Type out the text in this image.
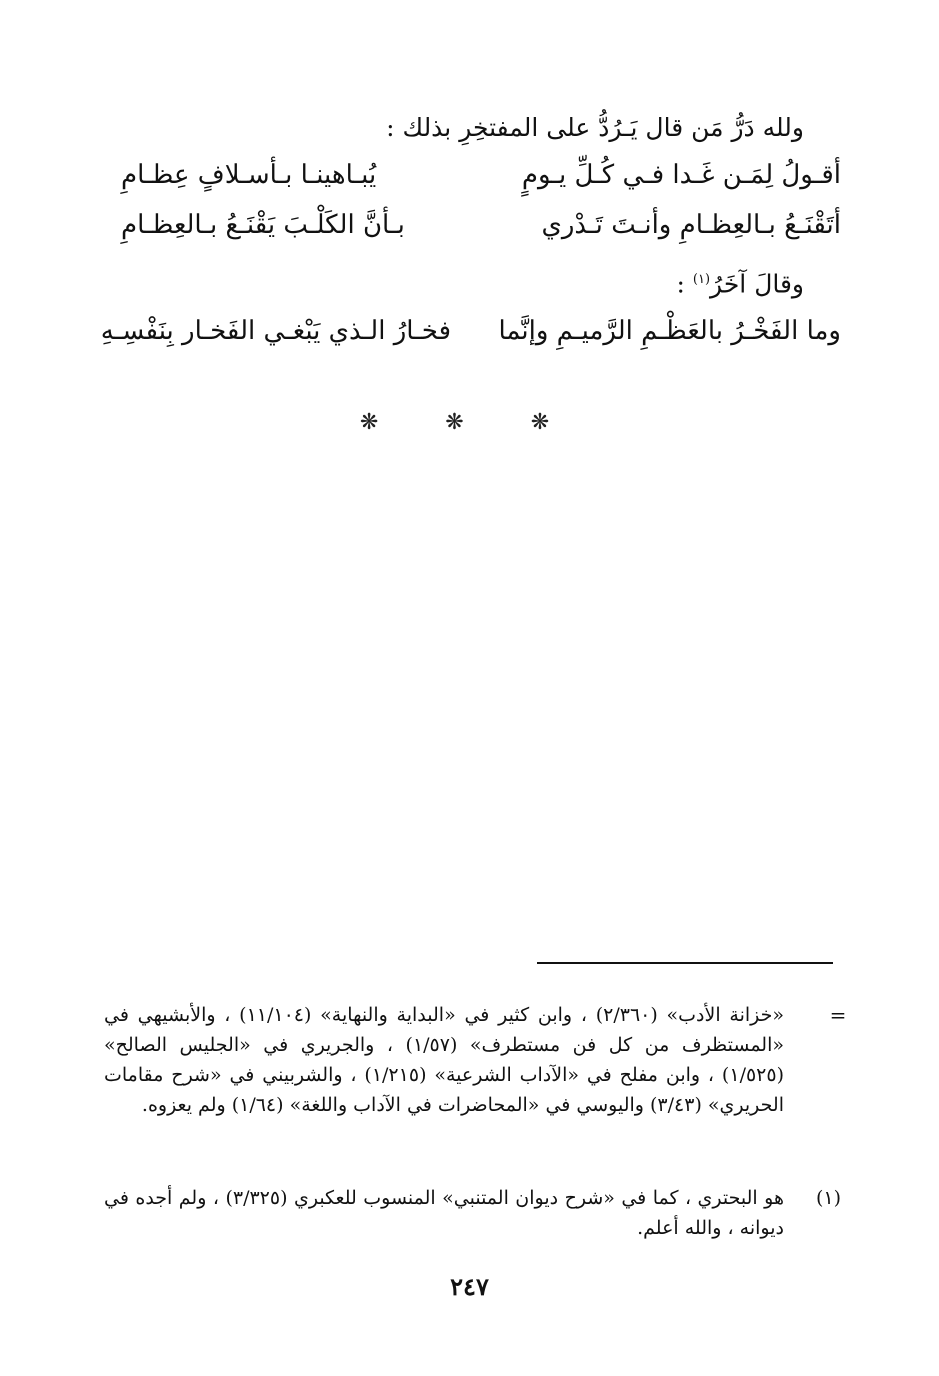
ولله دَرُّ مَن قال يَـرُدُّ على المفتخِرِ بذلك :
أقـولُ لِمَـن غَـدا فـي كُـلِّ يـومٍ
يُبـاهينـا بـأسـلافٍ عِظـامِ
أتَقْنَـعُ بـالعِظـامِ وأنـتَ تَـدْري
بـأنَّ الكَلْـبَ يَقْنَـعُ بـالعِظـامِ
وقالَ آخَرُ$^{(١)}$ :
وما الفَخْـرُ بالعَظْـمِ الرَّميـمِ وإنَّما
فخـارُ الـذي يَبْغـي الفَخـار بِنَفْسِـهِ
❋ ❋ ❋
=
«خزانة الأدب» (٢/٣٦٠) ، وابن كثير في «البداية والنهاية» (١١/١٠٤) ، والأبشيهي في «المستظرف من كل فن مستطرف» (١/٥٧) ، والجريري في «الجليس الصالح» (١/٥٢٥) ، وابن مفلح في «الآداب الشرعية» (١/٢١٥) ، والشربيني في «شرح مقامات الحريري» (٣/٤٣) واليوسي في «المحاضرات في الآداب واللغة» (١/٦٤) ولم يعزوه.
(١)
هو البحتري ، كما في «شرح ديوان المتنبي» المنسوب للعكبري (٣/٣٢٥) ، ولم أجده في ديوانه ، والله أعلم.
٢٤٧
